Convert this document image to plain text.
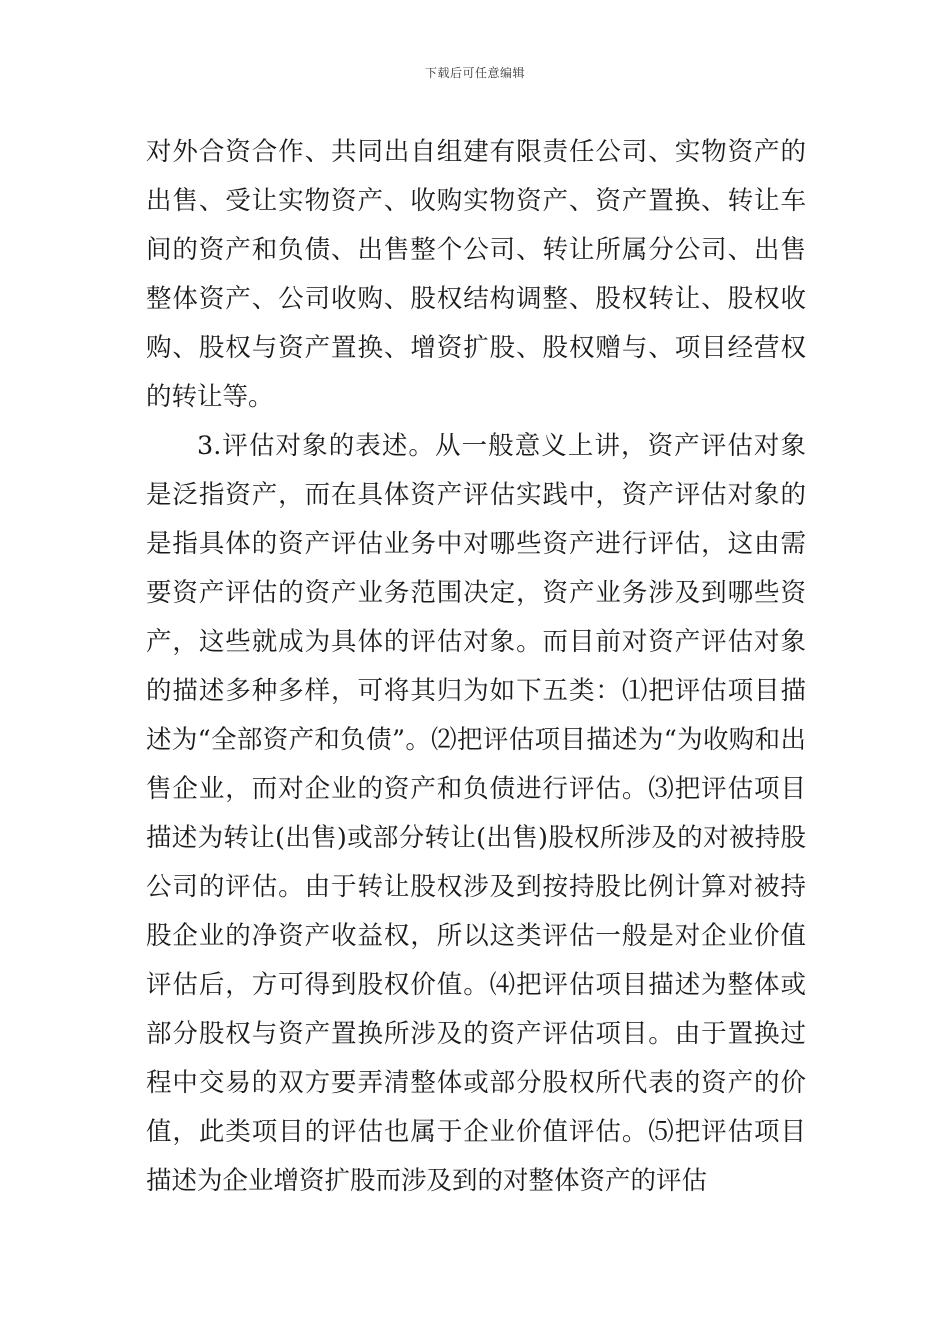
下载后可任意编辑

对外合资合作、共同出自组建有限责任公司、实物资产的出售、受让实物资产、收购实物资产、资产置换、转让车间的资产和负债、出售整个公司、转让所属分公司、出售整体资产、公司收购、股权结构调整、股权转让、股权收购、股权与资产置换、增资扩股、股权赠与、项目经营权的转让等。

3.评估对象的表述。从一般意义上讲，资产评估对象是泛指资产，而在具体资产评估实践中，资产评估对象的是指具体的资产评估业务中对哪些资产进行评估，这由需要资产评估的资产业务范围决定，资产业务涉及到哪些资产，这些就成为具体的评估对象。而目前对资产评估对象的描述多种多样，可将其归为如下五类：⑴把评估项目描述为“全部资产和负债”。⑵把评估项目描述为“为收购和出售企业，而对企业的资产和负债进行评估。⑶把评估项目描述为转让(出售)或部分转让(出售)股权所涉及的对被持股公司的评估。由于转让股权涉及到按持股比例计算对被持股企业的净资产收益权，所以这类评估一般是对企业价值评估后，方可得到股权价值。⑷把评估项目描述为整体或部分股权与资产置换所涉及的资产评估项目。由于置换过程中交易的双方要弄清整体或部分股权所代表的资产的价值，此类项目的评估也属于企业价值评估。⑸把评估项目描述为企业增资扩股而涉及到的对整体资产的评估
